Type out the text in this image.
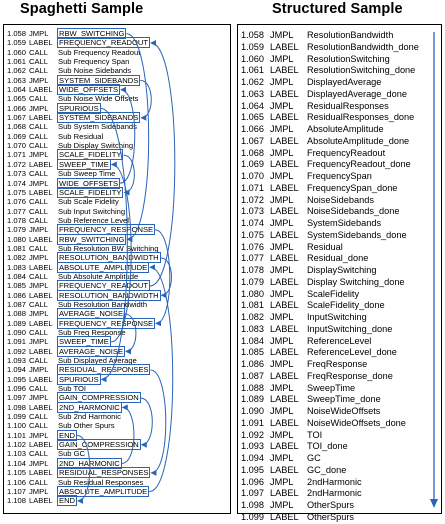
Spaghetti Sample	Structured Sample
1.058 JMPL RBW_SWITCHING
1.059 LABEL FREQUENCY_READOUT
1.060 CALL Sub Frequency Readout
1.061 CALL Sub Frequency Span
1.062 CALL Sub Noise Sidebands
1.063 JMPL SYSTEM_SIDEBANDS
1.064 LABEL WIDE_OFFSETS
1.065 CALL Sub Noise Wide Offsets
1.066 JMPL SPURIOUS
1.067 LABEL SYSTEM_SIDEBANDS
1.068 CALL Sub System Sidebands
1.069 CALL Sub Residual
1.070 CALL Sub Display Switching
1.071 JMPL SCALE_FIDELITY
1.072 LABEL SWEEP_TIME
1.073 CALL Sub Sweep Time
1.074 JMPL WIDE_OFFSETS
1.075 LABEL SCALE_FIDELITY
1.076 CALL Sub Scale Fidelity
1.077 CALL Sub Input Switching
1.078 CALL Sub Reference Level
1.079 JMPL FREQUENCY_RESPONSE
1.080 LABEL RBW_SWITCHING
1.081 CALL Sub Resolution BW Switching
1.082 JMPL RESOLUTION_BANDWIDTH
1.083 LABEL ABSOLUTE_AMPLITUDE
1.084 CALL Sub Absolute Amplitude
1.085 JMPL FREQUENCY_READOUT
1.086 LABEL RESOLUTION_BANDWIDTH
1.087 CALL Sub Resolution Bandwidth
1.088 JMPL AVERAGE_NOISE
1.089 LABEL FREQUENCY_RESPONSE
1.090 CALL Sub Freq Response
1.091 JMPL SWEEP_TIME
1.092 LABEL AVERAGE_NOISE
1.093 CALL Sub Displayed Average
1.094 JMPL RESIDUAL_RESPONSES
1.095 LABEL SPURIOUS
1.096 CALL Sub TOI
1.097 JMPL GAIN_COMPRESSION
1.098 LABEL 2ND_HARMONIC
1.099 CALL Sub 2nd Harmonic
1.100 CALL Sub Other Spurs
1.101 JMPL END
1.102 LABEL GAIN_COMPRESSION
1.103 CALL Sub GC
1.104 JMPL 2ND_HARMONIC
1.105 LABEL RESIDUAL_RESPONSES
1.106 CALL Sub Residual Responses
1.107 JMPL ABSOLUTE_AMPLITUDE
1.108 LABEL END
1.058 JMPL ResolutionBandwidth
1.059 LABEL ResolutionBandwidth_done
1.060 JMPL ResolutionSwitching
1.061 LABEL ResolutionSwitching_done
1.062 JMPL DisplayedAverage
1.063 LABEL DisplayedAverage_done
1.064 JMPL ResidualResponses
1.065 LABEL ResidualResponses_done
1.066 JMPL AbsoluteAmplitude
1.067 LABEL AbsoluteAmplitude_done
1.068 JMPL FrequencyReadout
1.069 LABEL FrequencyReadout_done
1.070 JMPL FrequencySpan
1.071 LABEL FrequencySpan_done
1.072 JMPL NoiseSidebands
1.073 LABEL NoiseSidebands_done
1.074 JMPL SystemSidebands
1.075 LABEL SystemSidebands_done
1.076 JMPL Residual
1.077 LABEL Residual_done
1.078 JMPL DisplaySwitching
1.079 LABEL Display Switching_done
1.080 JMPL ScaleFidelity
1.081 LABEL ScaleFidelity_done
1.082 JMPL InputSwitching
1.083 LABEL InputSwitching_done
1.084 JMPL ReferenceLevel
1.085 LABEL ReferenceLevel_done
1.086 JMPL FreqResponse
1.087 LABEL FreqResponse_done
1.088 JMPL SweepTime
1.089 LABEL SweepTime_done
1.090 JMPL NoiseWideOffsets
1.091 LABEL NoiseWideOffsets_done
1.092 JMPL TOI
1.093 LABEL TOI_done
1.094 JMPL GC
1.095 LABEL GC_done
1.096 JMPL 2ndHarmonic
1.097 LABEL 2ndHarmonic
1.098 JMPL OtherSpurs
1.099 LABEL OtherSpurs
